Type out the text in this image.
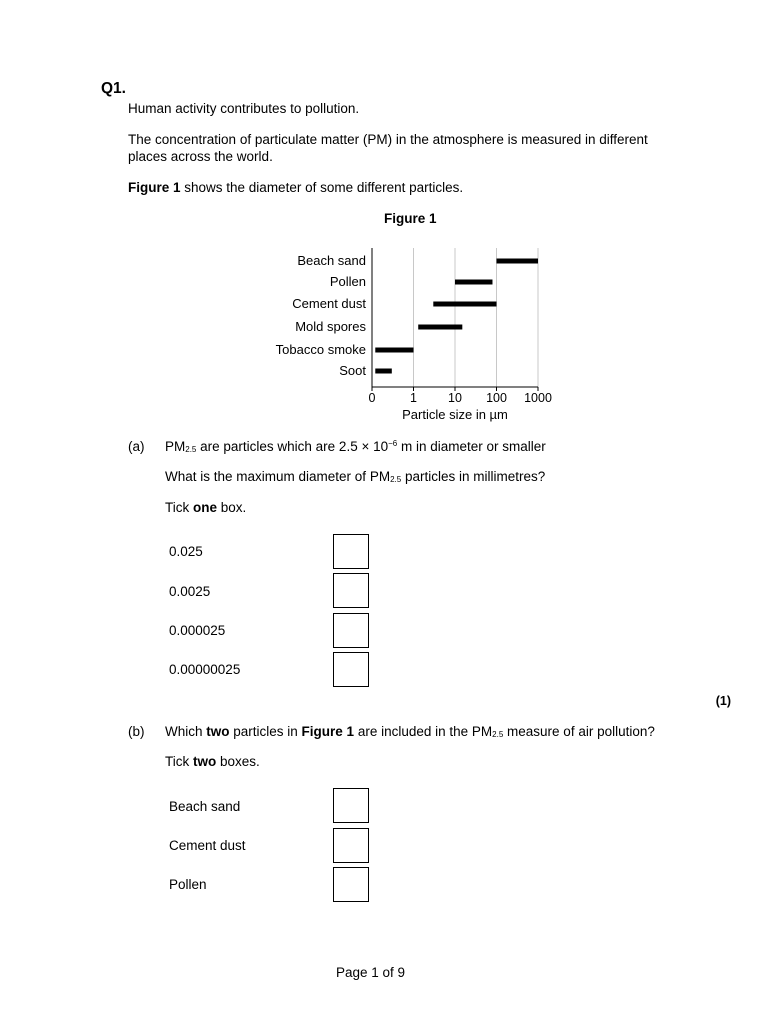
Q1.
Human activity contributes to pollution.
The concentration of particulate matter (PM) in the atmosphere is measured in different
places across the world.
Figure 1 shows the diameter of some different particles.
Figure 1
0	1 10 100 1000
Particle size in µm
Beach sand
Pollen
Cement dust
Mold spores
Tobacco smoke
Soot
(a) PM2.5 are particles which are $2.5 \times 10^{-6}$ m in diameter or smaller
What is the maximum diameter of PM2.5 particles in millimetres?
Tick one box.
0.025
0.0025
0.000025
0.00000025
(1)
(b) Which two particles in Figure 1 are included in the PM2.5 measure of air pollution?
Tick two boxes.
Beach sand
Cement dust
Pollen
Page 1 of 9
